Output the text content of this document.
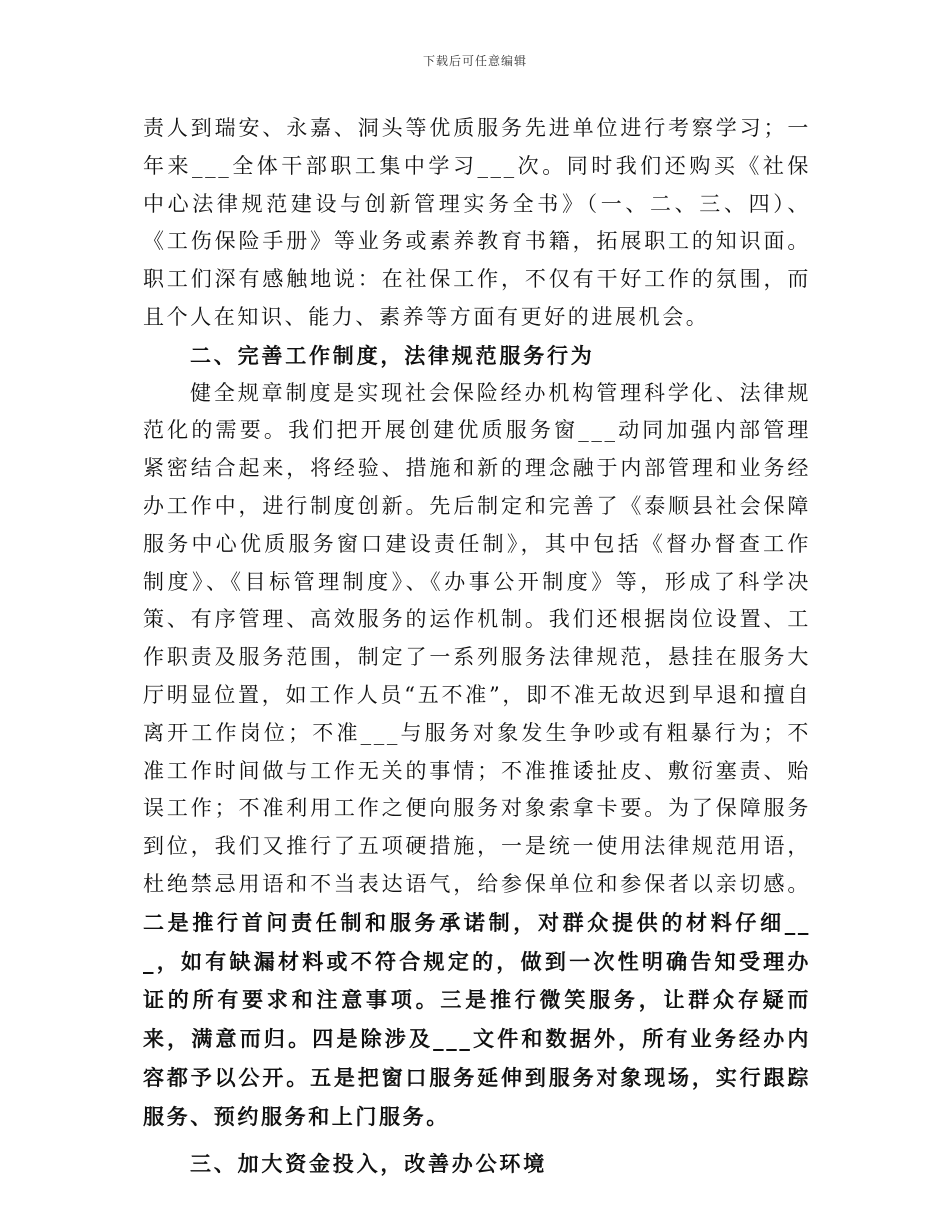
下载后可任意编辑

责人到瑞安、永嘉、洞头等优质服务先进单位进行考察学习；一年来___全体干部职工集中学习___次。同时我们还购买《社保中心法律规范建设与创新管理实务全书》（一、二、三、四）、《工伤保险手册》等业务或素养教育书籍，拓展职工的知识面。职工们深有感触地说：在社保工作，不仅有干好工作的氛围，而且个人在知识、能力、素养等方面有更好的进展机会。

二、完善工作制度，法律规范服务行为

健全规章制度是实现社会保险经办机构管理科学化、法律规范化的需要。我们把开展创建优质服务窗___动同加强内部管理紧密结合起来，将经验、措施和新的理念融于内部管理和业务经办工作中，进行制度创新。先后制定和完善了《泰顺县社会保障服务中心优质服务窗口建设责任制》，其中包括《督办督查工作制度》、《目标管理制度》、《办事公开制度》等，形成了科学决策、有序管理、高效服务的运作机制。我们还根据岗位设置、工作职责及服务范围，制定了一系列服务法律规范，悬挂在服务大厅明显位置，如工作人员“五不准”，即不准无故迟到早退和擅自离开工作岗位；不准___与服务对象发生争吵或有粗暴行为；不准工作时间做与工作无关的事情；不准推诿扯皮、敷衍塞责、贻误工作；不准利用工作之便向服务对象索拿卡要。为了保障服务到位，我们又推行了五项硬措施，一是统一使用法律规范用语，杜绝禁忌用语和不当表达语气，给参保单位和参保者以亲切感。二是推行首问责任制和服务承诺制，对群众提供的材料仔细___，如有缺漏材料或不符合规定的，做到一次性明确告知受理办证的所有要求和注意事项。三是推行微笑服务，让群众存疑而来，满意而归。四是除涉及___文件和数据外，所有业务经办内容都予以公开。五是把窗口服务延伸到服务对象现场，实行跟踪服务、预约服务和上门服务。

三、加大资金投入，改善办公环境
